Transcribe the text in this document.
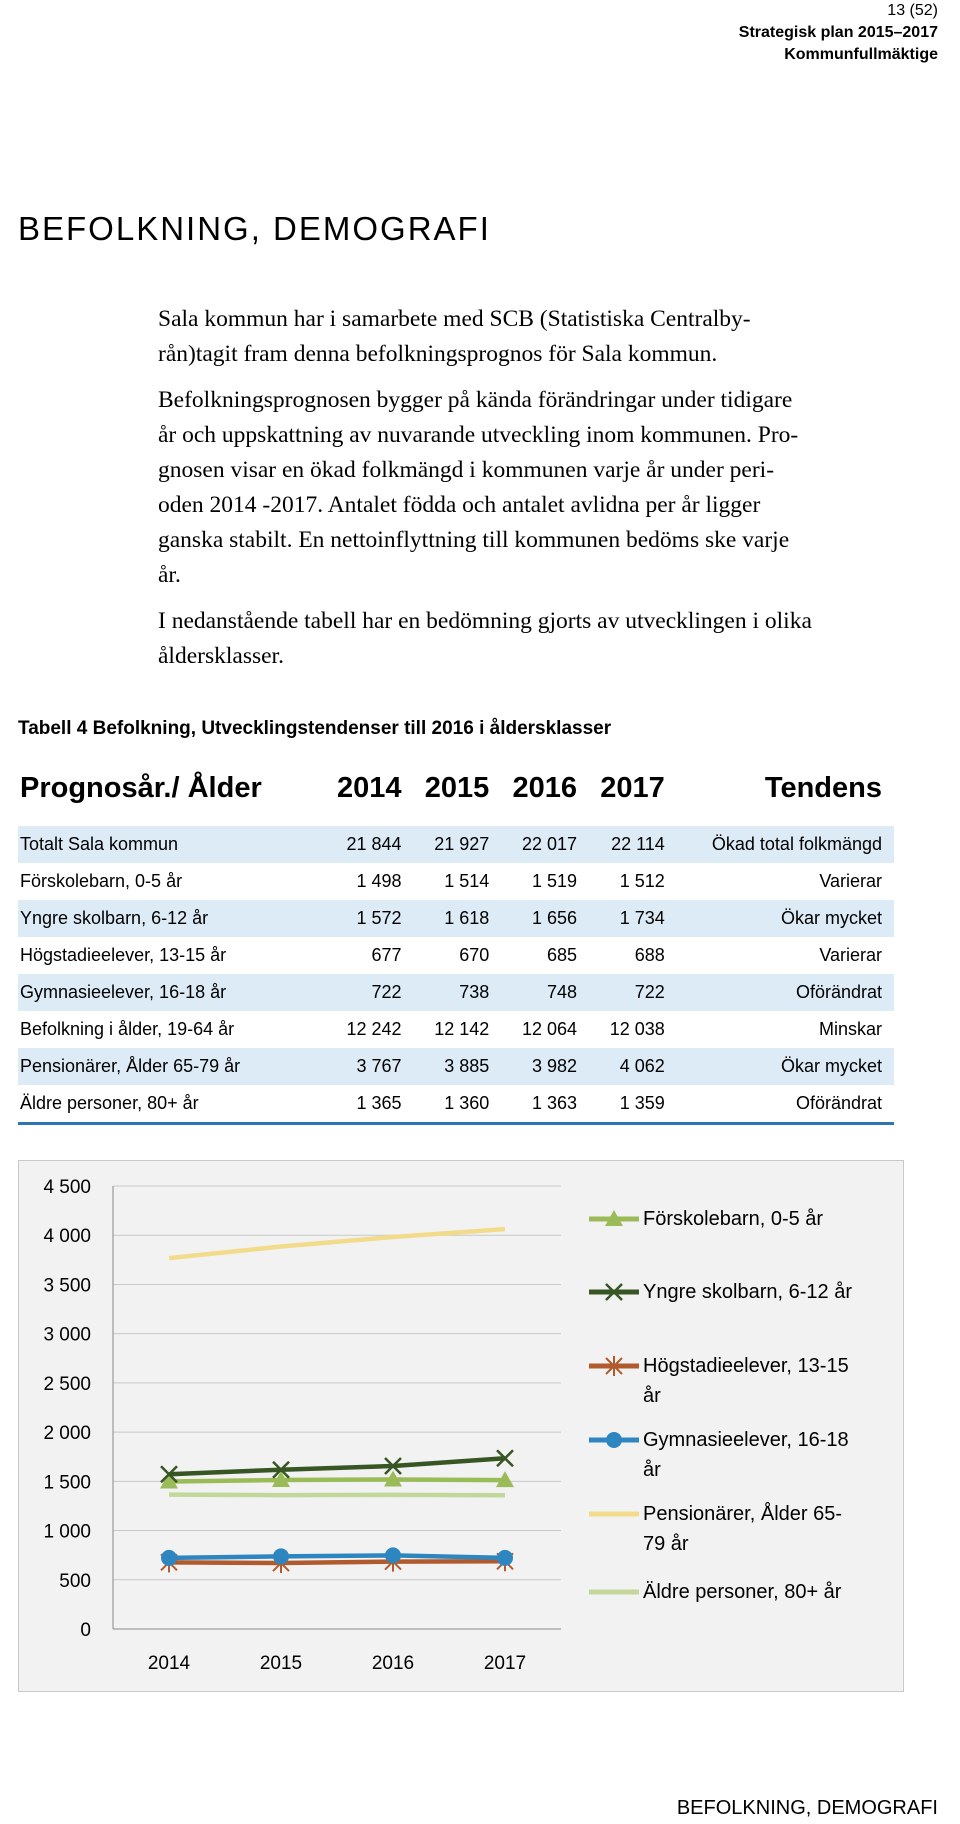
13 (52)
Strategisk plan 2015–2017
Kommunfullmäktige
BEFOLKNING, DEMOGRAFI

Sala kommun har i samarbete med SCB (Statistiska Centralby-
rån)tagit fram denna befolkningsprognos för Sala kommun.

Befolkningsprognosen bygger på kända förändringar under tidigare
år och uppskattning av nuvarande utveckling inom kommunen. Pro-
gnosen visar en ökad folkmängd i kommunen varje år under peri-
oden 2014 -2017. Antalet födda och antalet avlidna per år ligger
ganska stabilt. En nettoinflyttning till kommunen bedöms ske varje
år.

I nedanstående tabell har en bedömning gjorts av utvecklingen i olika
åldersklasser.

Tabell 4 Befolkning, Utvecklingstendenser till 2016 i åldersklasser
Prognosår./ Ålder	2014	2015	2016	2017	Tendens
Totalt Sala kommun	21 844	21 927	22 017	22 114	Ökad total folkmängd
Förskolebarn, 0-5 år	1 498	1 514	1 519	1 512	Varierar
Yngre skolbarn, 6-12 år	1 572	1 618	1 656	1 734	Ökar mycket
Högstadieelever, 13-15 år	677	670	685	688	Varierar
Gymnasieelever, 16-18 år	722	738	748	722	Oförändrat
Befolkning i ålder, 19-64 år	12 242	12 142	12 064	12 038	Minskar
Pensionärer, Ålder 65-79 år	3 767	3 885	3 982	4 062	Ökar mycket
Äldre personer, 80+ år	1 365	1 360	1 363	1 359	Oförändrat
0
500
1 000
1 500
2 000
2 500
3 000
3 500
4 000
4 500
2014	2015	2016	2017
Förskolebarn, 0-5 år
Yngre skolbarn, 6-12 år
Högstadieelever, 13-15
år
Gymnasieelever, 16-18
år
Pensionärer, Ålder 65-
79 år
Äldre personer, 80+ år
BEFOLKNING, DEMOGRAFI
